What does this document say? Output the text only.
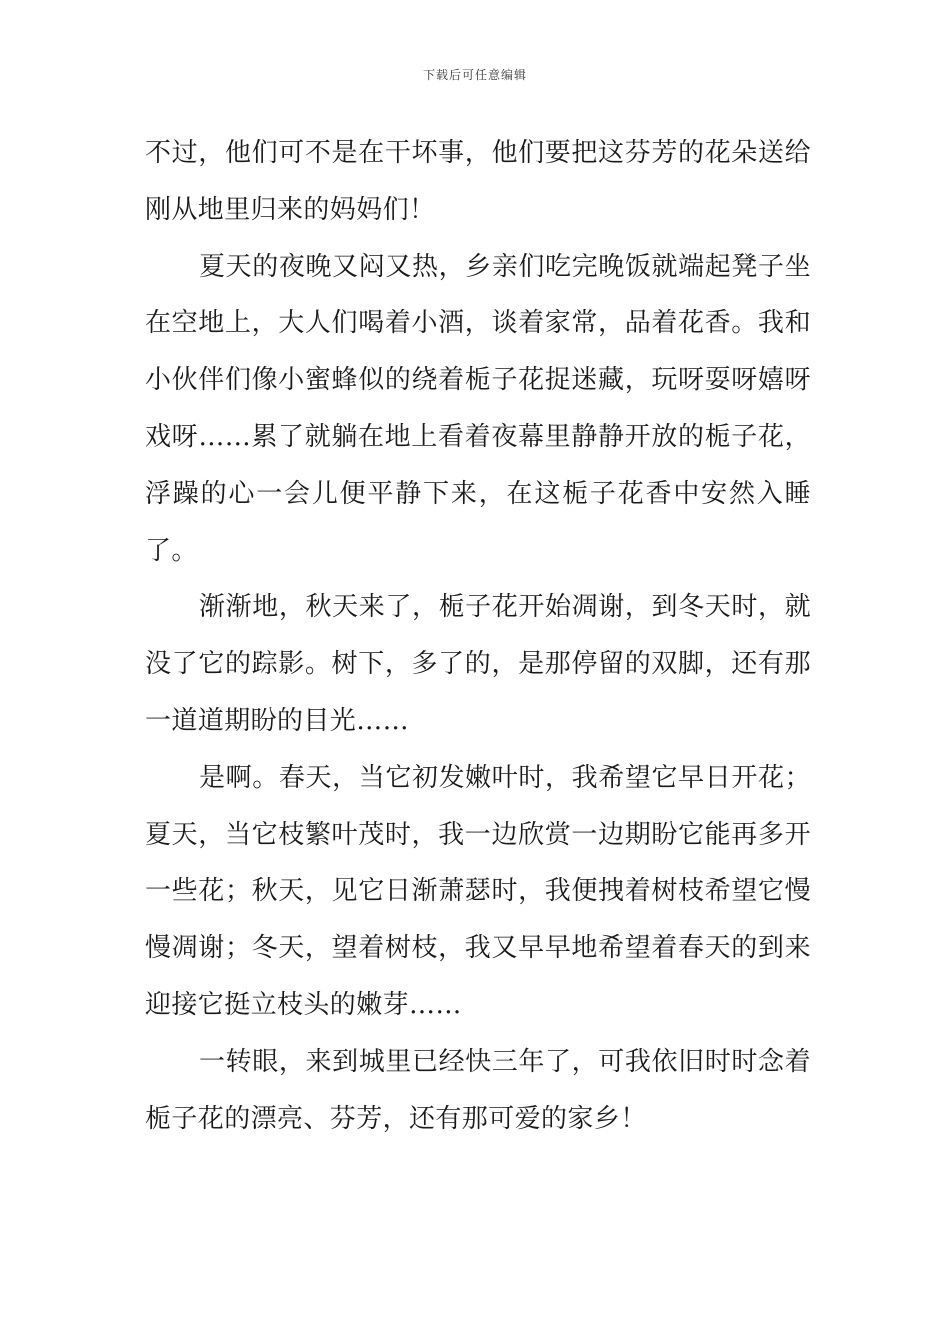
下载后可任意编辑

不过，他们可不是在干坏事，他们要把这芬芳的花朵送给刚从地里归来的妈妈们！

夏天的夜晚又闷又热，乡亲们吃完晚饭就端起凳子坐在空地上，大人们喝着小酒，谈着家常，品着花香。我和小伙伴们像小蜜蜂似的绕着栀子花捉迷藏，玩呀耍呀嬉呀戏呀……累了就躺在地上看着夜幕里静静开放的栀子花，浮躁的心一会儿便平静下来，在这栀子花香中安然入睡了。

渐渐地，秋天来了，栀子花开始凋谢，到冬天时，就没了它的踪影。树下，多了的，是那停留的双脚，还有那一道道期盼的目光……

是啊。春天，当它初发嫩叶时，我希望它早日开花；夏天，当它枝繁叶茂时，我一边欣赏一边期盼它能再多开一些花；秋天，见它日渐萧瑟时，我便拽着树枝希望它慢慢凋谢；冬天，望着树枝，我又早早地希望着春天的到来迎接它挺立枝头的嫩芽……

一转眼，来到城里已经快三年了，可我依旧时时念着栀子花的漂亮、芬芳，还有那可爱的家乡！
